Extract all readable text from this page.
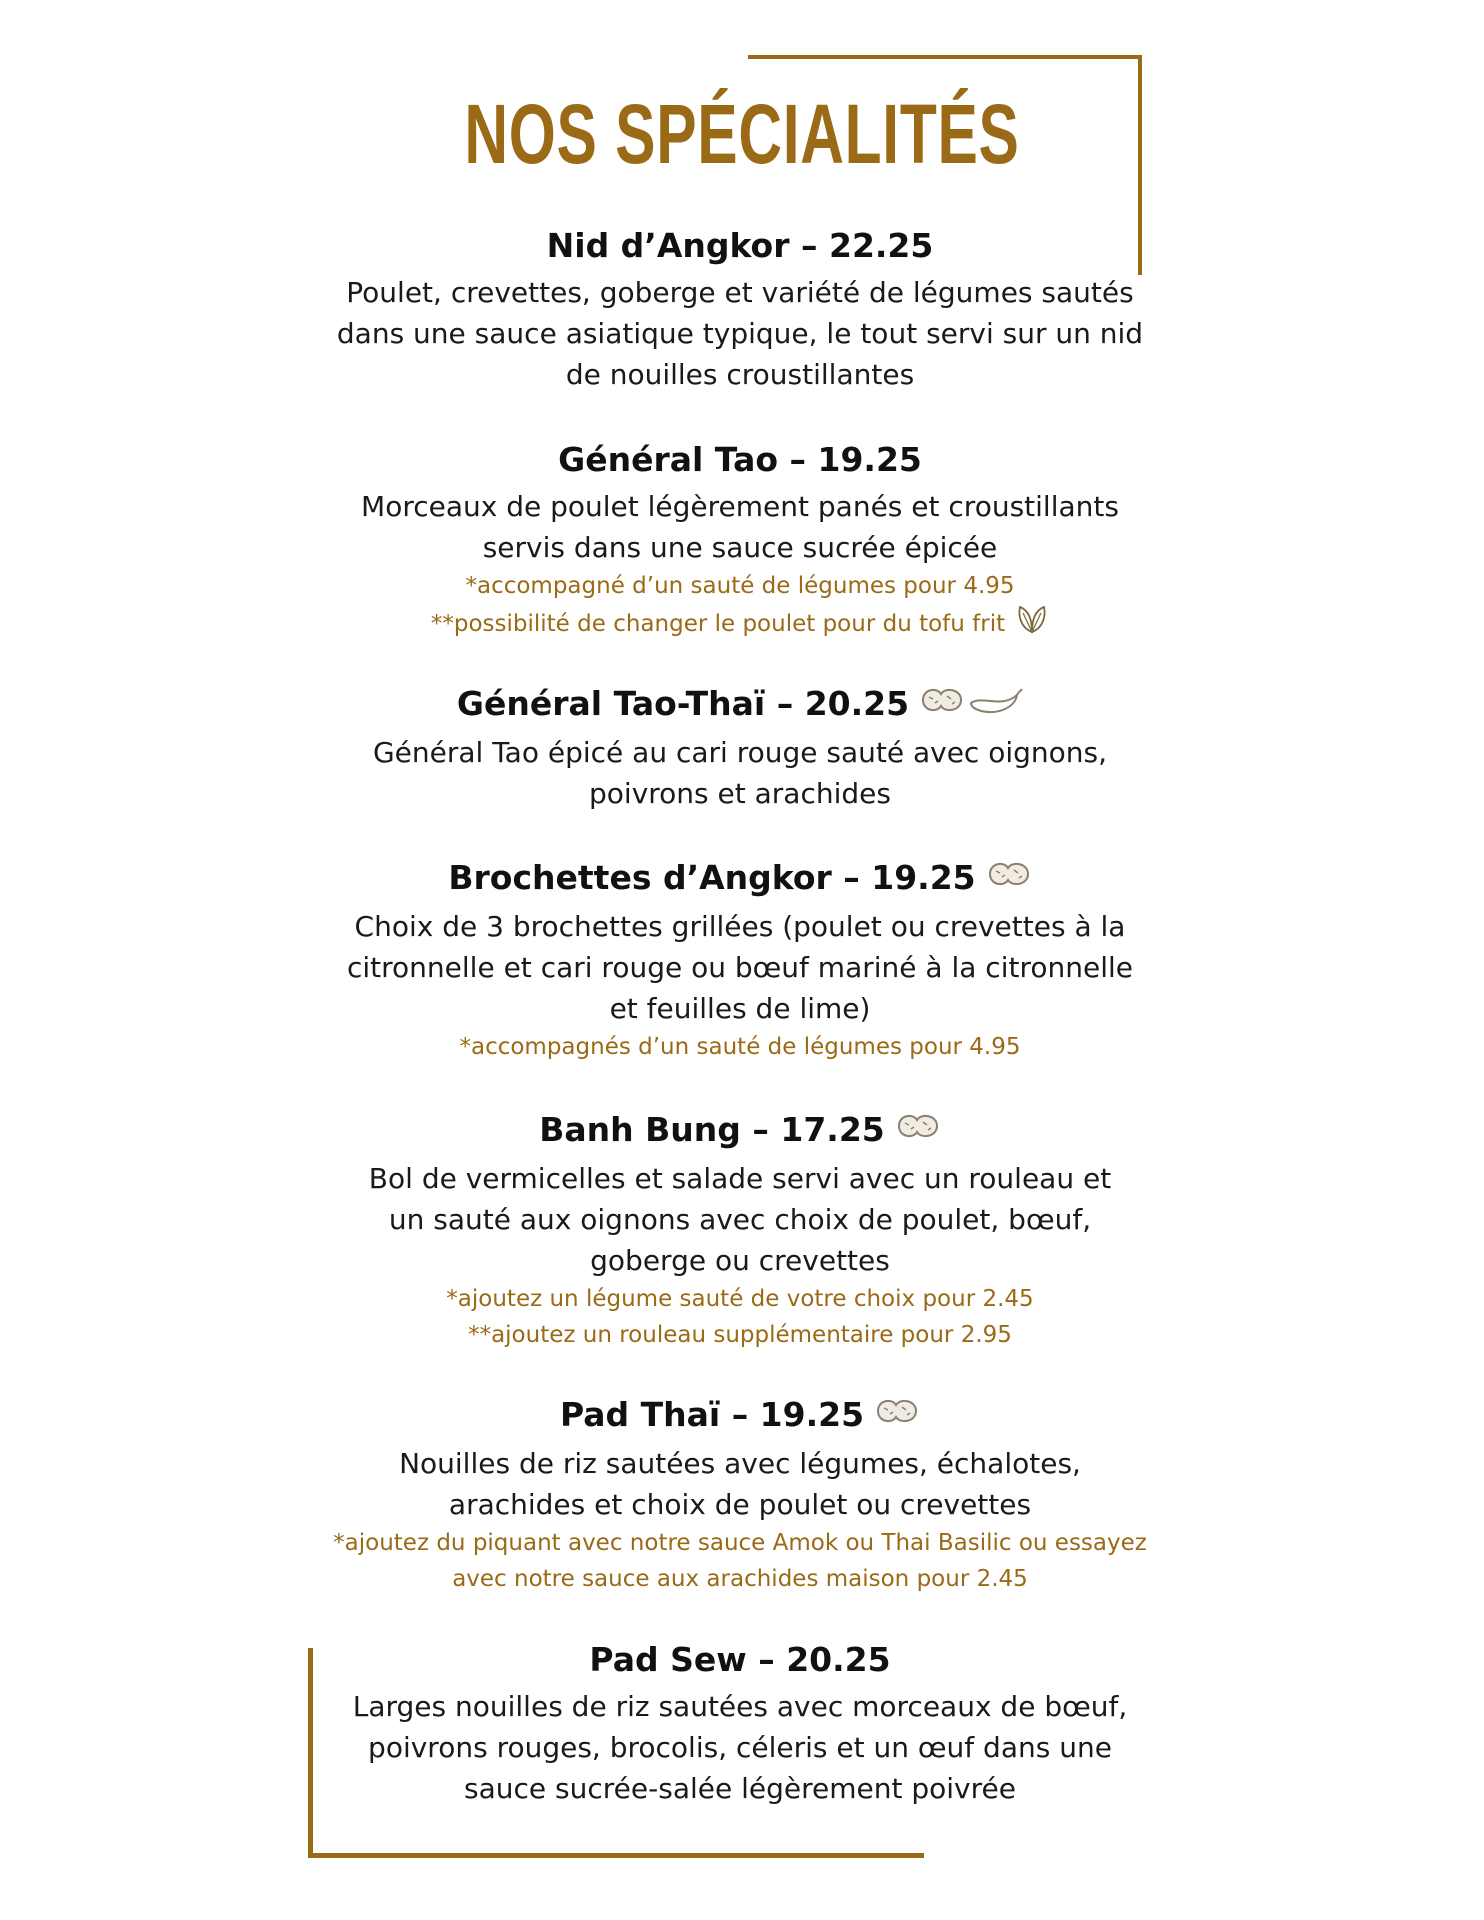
NOS SPÉCIALITÉS
Nid d’Angkor – 22.25
Poulet, crevettes, goberge et variété de légumes sautés dans une sauce asiatique typique, le tout servi sur un nid de nouilles croustillantes
Général Tao – 19.25
Morceaux de poulet légèrement panés et croustillants servis dans une sauce sucrée épicée
*accompagné d’un sauté de légumes pour 4.95
**possibilité de changer le poulet pour du tofu frit
Général Tao-Thaï – 20.25
Général Tao épicé au cari rouge sauté avec oignons, poivrons et arachides
Brochettes d’Angkor – 19.25
Choix de 3 brochettes grillées (poulet ou crevettes à la citronnelle et cari rouge ou bœuf mariné à la citronnelle et feuilles de lime)
*accompagnés d’un sauté de légumes pour 4.95
Banh Bung – 17.25
Bol de vermicelles et salade servi avec un rouleau et un sauté aux oignons avec choix de poulet, bœuf, goberge ou crevettes
*ajoutez un légume sauté de votre choix pour 2.45
**ajoutez un rouleau supplémentaire pour 2.95
Pad Thaï – 19.25
Nouilles de riz sautées avec légumes, échalotes, arachides et choix de poulet ou crevettes
*ajoutez du piquant avec notre sauce Amok ou Thai Basilic ou essayez avec notre sauce aux arachides maison pour 2.45
Pad Sew – 20.25
Larges nouilles de riz sautées avec morceaux de bœuf, poivrons rouges, brocolis, céleris et un œuf dans une sauce sucrée-salée légèrement poivrée
